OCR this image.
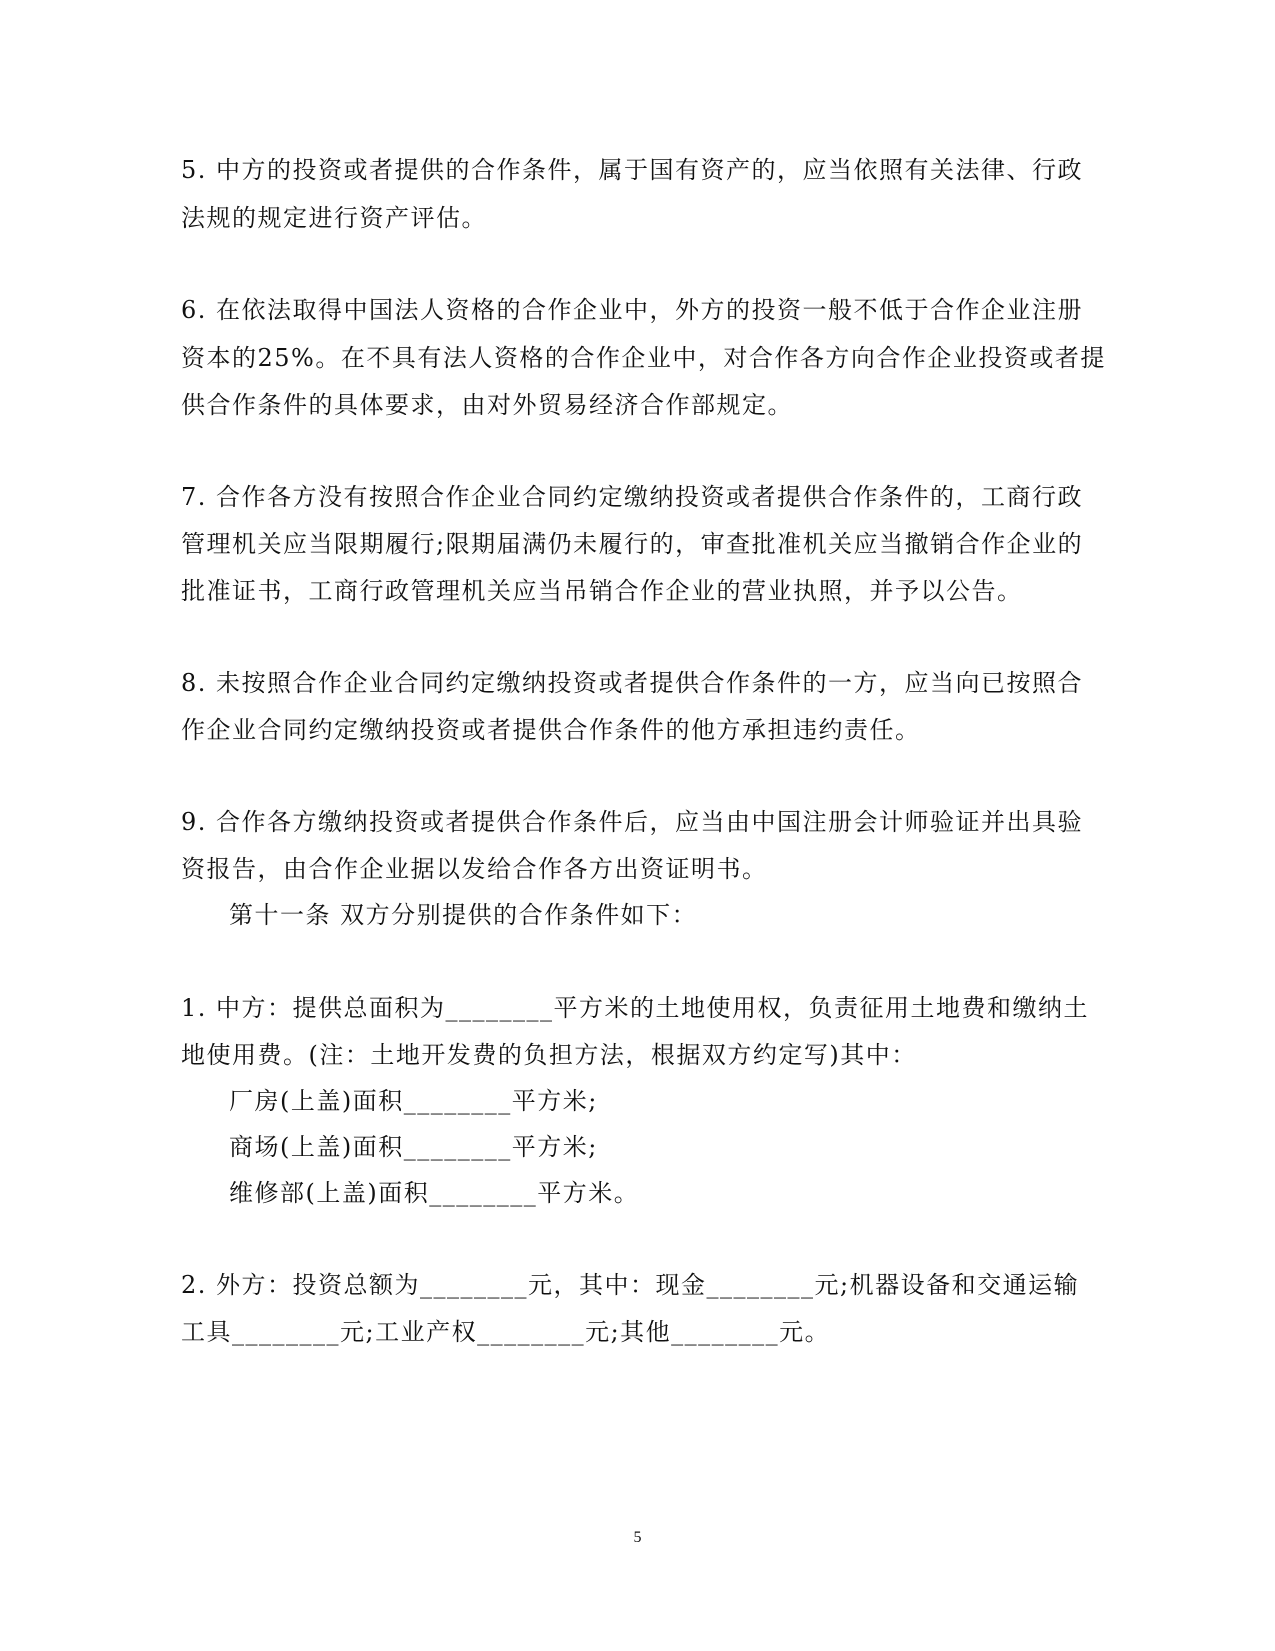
5. 中方的投资或者提供的合作条件，属于国有资产的，应当依照有关法律、行政
法规的规定进行资产评估。
6. 在依法取得中国法人资格的合作企业中，外方的投资一般不低于合作企业注册
资本的25%。在不具有法人资格的合作企业中，对合作各方向合作企业投资或者提
供合作条件的具体要求，由对外贸易经济合作部规定。
7. 合作各方没有按照合作企业合同约定缴纳投资或者提供合作条件的，工商行政
管理机关应当限期履行;限期届满仍未履行的，审查批准机关应当撤销合作企业的
批准证书，工商行政管理机关应当吊销合作企业的营业执照，并予以公告。
8. 未按照合作企业合同约定缴纳投资或者提供合作条件的一方，应当向已按照合
作企业合同约定缴纳投资或者提供合作条件的他方承担违约责任。
9. 合作各方缴纳投资或者提供合作条件后，应当由中国注册会计师验证并出具验
资报告，由合作企业据以发给合作各方出资证明书。
第十一条 双方分别提供的合作条件如下：
1. 中方：提供总面积为________平方米的土地使用权，负责征用土地费和缴纳土
地使用费。(注：土地开发费的负担方法，根据双方约定写)其中：
厂房(上盖)面积________平方米;
商场(上盖)面积________平方米;
维修部(上盖)面积________平方米。
2. 外方：投资总额为________元，其中：现金________元;机器设备和交通运输
工具________元;工业产权________元;其他________元。
5
